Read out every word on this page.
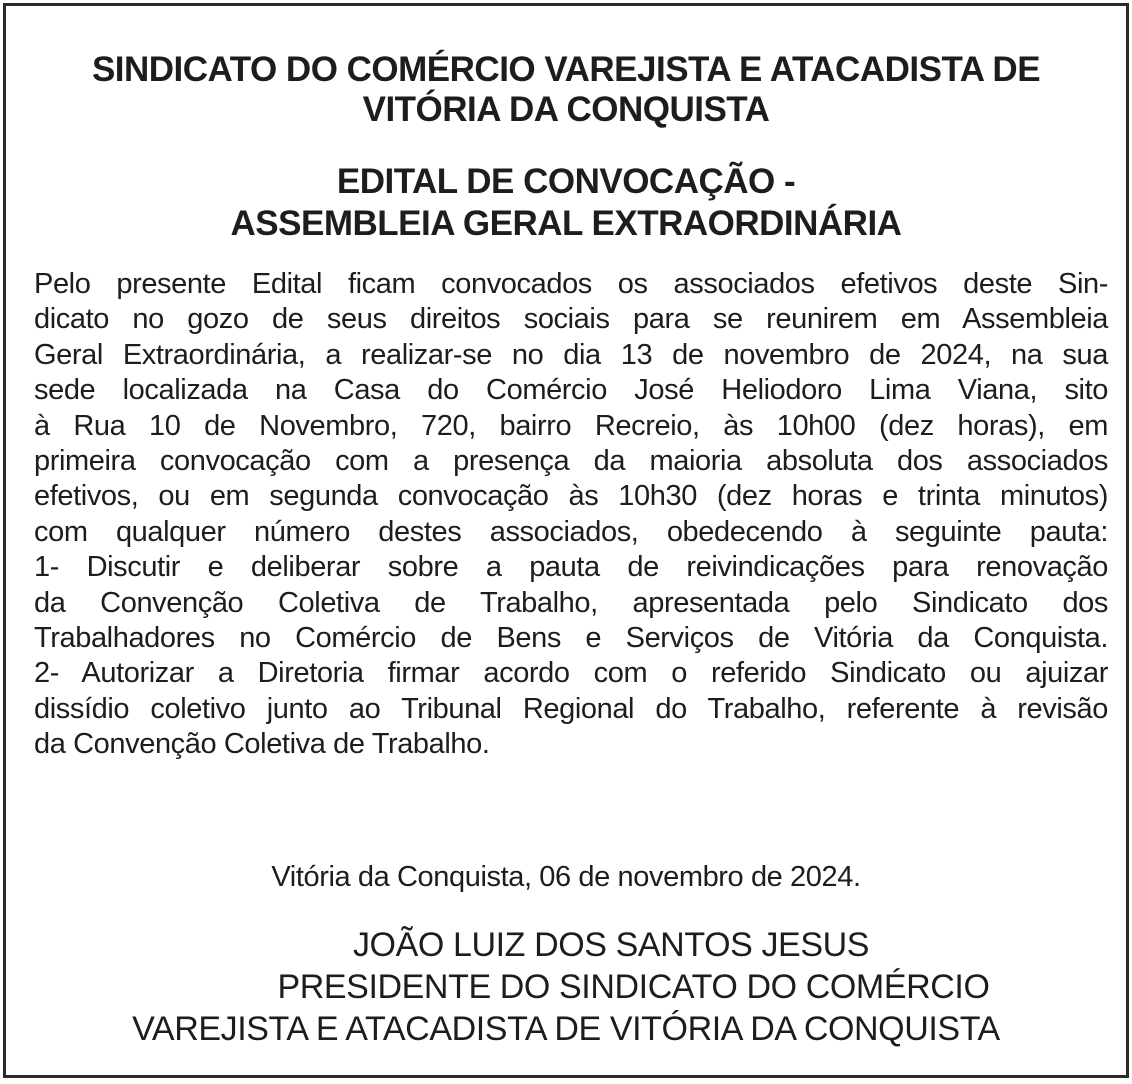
SINDICATO DO COMÉRCIO VAREJISTA E ATACADISTA DE
VITÓRIA DA CONQUISTA
EDITAL DE CONVOCAÇÃO -
ASSEMBLEIA GERAL EXTRAORDINÁRIA

Pelo presente Edital ficam convocados os associados efetivos deste Sin-
dicato no gozo de seus direitos sociais para se reunirem em Assembleia
Geral Extraordinária, a realizar-se no dia 13 de novembro de 2024, na sua
sede localizada na Casa do Comércio José Heliodoro Lima Viana, sito
à Rua 10 de Novembro, 720, bairro Recreio, às 10h00 (dez horas), em
primeira convocação com a presença da maioria absoluta dos associados
efetivos, ou em segunda convocação às 10h30 (dez horas e trinta minutos)
com qualquer número destes associados, obedecendo à seguinte pauta:
1- Discutir e deliberar sobre a pauta de reivindicações para renovação
da Convenção Coletiva de Trabalho, apresentada pelo Sindicato dos
Trabalhadores no Comércio de Bens e Serviços de Vitória da Conquista.
2- Autorizar a Diretoria firmar acordo com o referido Sindicato ou ajuizar
dissídio coletivo junto ao Tribunal Regional do Trabalho, referente à revisão
da Convenção Coletiva de Trabalho.

Vitória da Conquista, 06 de novembro de 2024.

JOÃO LUIZ DOS SANTOS JESUS
PRESIDENTE DO SINDICATO DO COMÉRCIO
VAREJISTA E ATACADISTA DE VITÓRIA DA CONQUISTA
